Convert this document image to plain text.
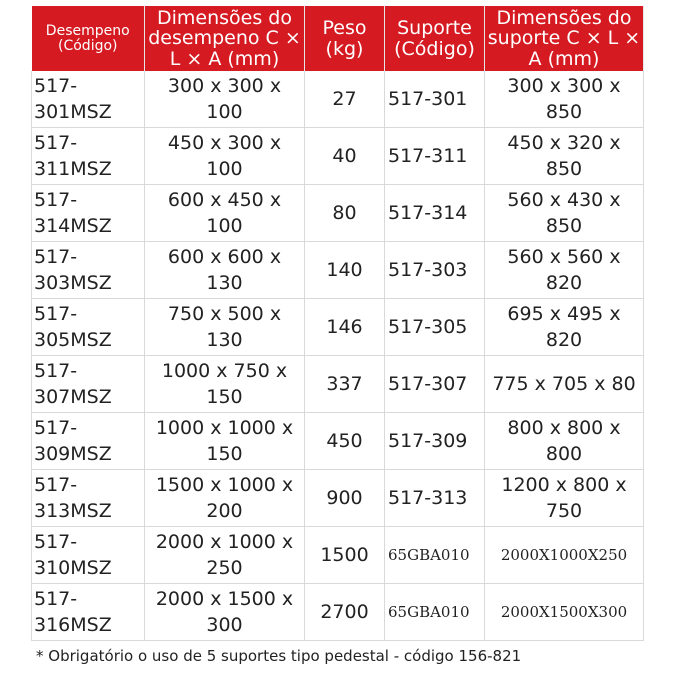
Desempeno (Código)	Dimensões do desempeno C × L × A (mm)	Peso (kg)	Suporte (Código)	Dimensões do suporte C × L × A (mm)
517-301MSZ	300 x 300 x 100	27	517-301	300 x 300 x 850
517-311MSZ	450 x 300 x 100	40	517-311	450 x 320 x 850
517-314MSZ	600 x 450 x 100	80	517-314	560 x 430 x 850
517-303MSZ	600 x 600 x 130	140	517-303	560 x 560 x 820
517-305MSZ	750 x 500 x 130	146	517-305	695 x 495 x 820
517-307MSZ	1000 x 750 x 150	337	517-307	775 x 705 x 80
517-309MSZ	1000 x 1000 x 150	450	517-309	800 x 800 x 800
517-313MSZ	1500 x 1000 x 200	900	517-313	1200 x 800 x 750
517-310MSZ	2000 x 1000 x 250	1500	65GBA010	2000X1000X250
517-316MSZ	2000 x 1500 x 300	2700	65GBA010	2000X1500X300
* Obrigatório o uso de 5 suportes tipo pedestal - código 156-821
